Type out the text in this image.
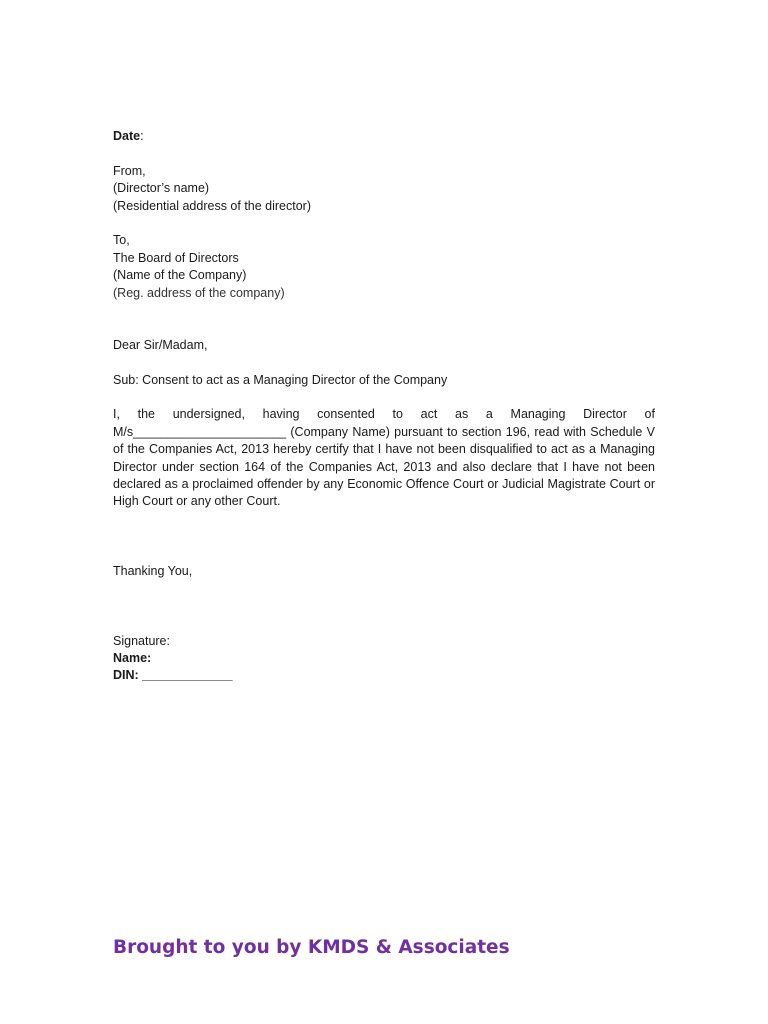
Date:
From,
(Director’s name)
(Residential address of the director)
To,
The Board of Directors
(Name of the Company)
(Reg. address of the company)
Dear Sir/Madam,
Sub: Consent to act as a Managing Director of the Company
I, the undersigned, having consented to act as a Managing Director of M/s______________________ (Company Name) pursuant to section 196, read with Schedule V of the Companies Act, 2013 hereby certify that I have not been disqualified to act as a Managing Director under section 164 of the Companies Act, 2013 and also declare that I have not been declared as a proclaimed offender by any Economic Offence Court or Judicial Magistrate Court or High Court or any other Court.
Thanking You,
Signature:
Name:
DIN: _____________
Brought to you by KMDS & Associates
